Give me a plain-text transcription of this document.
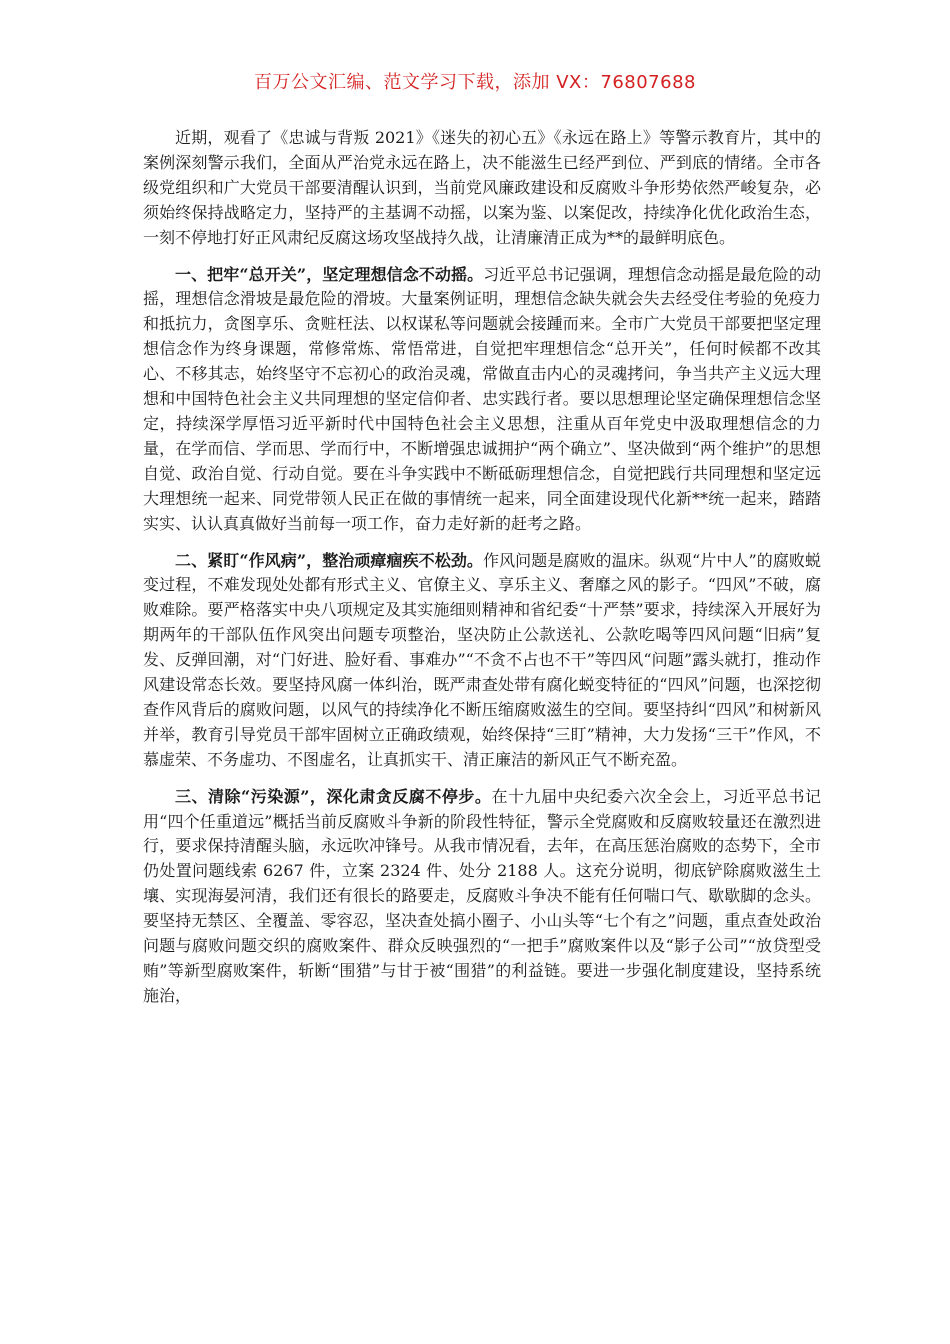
百万公文汇编、范文学习下载，添加 VX：76807688

近期，观看了《忠诚与背叛 2021》《迷失的初心五》《永远在路上》等警示教育片，其中的案例深刻警示我们，全面从严治党永远在路上，决不能滋生已经严到位、严到底的情绪。全市各级党组织和广大党员干部要清醒认识到，当前党风廉政建设和反腐败斗争形势依然严峻复杂，必须始终保持战略定力，坚持严的主基调不动摇，以案为鉴、以案促改，持续净化优化政治生态，一刻不停地打好正风肃纪反腐这场攻坚战持久战，让清廉清正成为**的最鲜明底色。

一、把牢“总开关”，坚定理想信念不动摇。习近平总书记强调，理想信念动摇是最危险的动摇，理想信念滑坡是最危险的滑坡。大量案例证明，理想信念缺失就会失去经受住考验的免疫力和抵抗力，贪图享乐、贪赃枉法、以权谋私等问题就会接踵而来。全市广大党员干部要把坚定理想信念作为终身课题，常修常炼、常悟常进，自觉把牢理想信念“总开关”，任何时候都不改其心、不移其志，始终坚守不忘初心的政治灵魂，常做直击内心的灵魂拷问，争当共产主义远大理想和中国特色社会主义共同理想的坚定信仰者、忠实践行者。要以思想理论坚定确保理想信念坚定，持续深学厚悟习近平新时代中国特色社会主义思想，注重从百年党史中汲取理想信念的力量，在学而信、学而思、学而行中，不断增强忠诚拥护“两个确立”、坚决做到“两个维护”的思想自觉、政治自觉、行动自觉。要在斗争实践中不断砥砺理想信念，自觉把践行共同理想和坚定远大理想统一起来、同党带领人民正在做的事情统一起来，同全面建设现代化新**统一起来，踏踏实实、认认真真做好当前每一项工作，奋力走好新的赶考之路。

二、紧盯“作风病”，整治顽瘴痼疾不松劲。作风问题是腐败的温床。纵观“片中人”的腐败蜕变过程，不难发现处处都有形式主义、官僚主义、享乐主义、奢靡之风的影子。“四风”不破，腐败难除。要严格落实中央八项规定及其实施细则精神和省纪委“十严禁”要求，持续深入开展好为期两年的干部队伍作风突出问题专项整治，坚决防止公款送礼、公款吃喝等四风问题“旧病”复发、反弹回潮，对“门好进、脸好看、事难办”“不贪不占也不干”等四风“问题”露头就打，推动作风建设常态长效。要坚持风腐一体纠治，既严肃查处带有腐化蜕变特征的“四风”问题，也深挖彻查作风背后的腐败问题，以风气的持续净化不断压缩腐败滋生的空间。要坚持纠“四风”和树新风并举，教育引导党员干部牢固树立正确政绩观，始终保持“三盯”精神，大力发扬“三干”作风，不慕虚荣、不务虚功、不图虚名，让真抓实干、清正廉洁的新风正气不断充盈。

三、清除“污染源”，深化肃贪反腐不停步。在十九届中央纪委六次全会上，习近平总书记用“四个任重道远”概括当前反腐败斗争新的阶段性特征，警示全党腐败和反腐败较量还在激烈进行，要求保持清醒头脑，永远吹冲锋号。从我市情况看，去年，在高压惩治腐败的态势下，全市仍处置问题线索 6267 件，立案 2324 件、处分 2188 人。这充分说明，彻底铲除腐败滋生土壤、实现海晏河清，我们还有很长的路要走，反腐败斗争决不能有任何喘口气、歇歇脚的念头。要坚持无禁区、全覆盖、零容忍，坚决查处搞小圈子、小山头等“七个有之”问题，重点查处政治问题与腐败问题交织的腐败案件、群众反映强烈的“一把手”腐败案件以及“影子公司”“放贷型受贿”等新型腐败案件，斩断“围猎”与甘于被“围猎”的利益链。要进一步强化制度建设，坚持系统施治，
